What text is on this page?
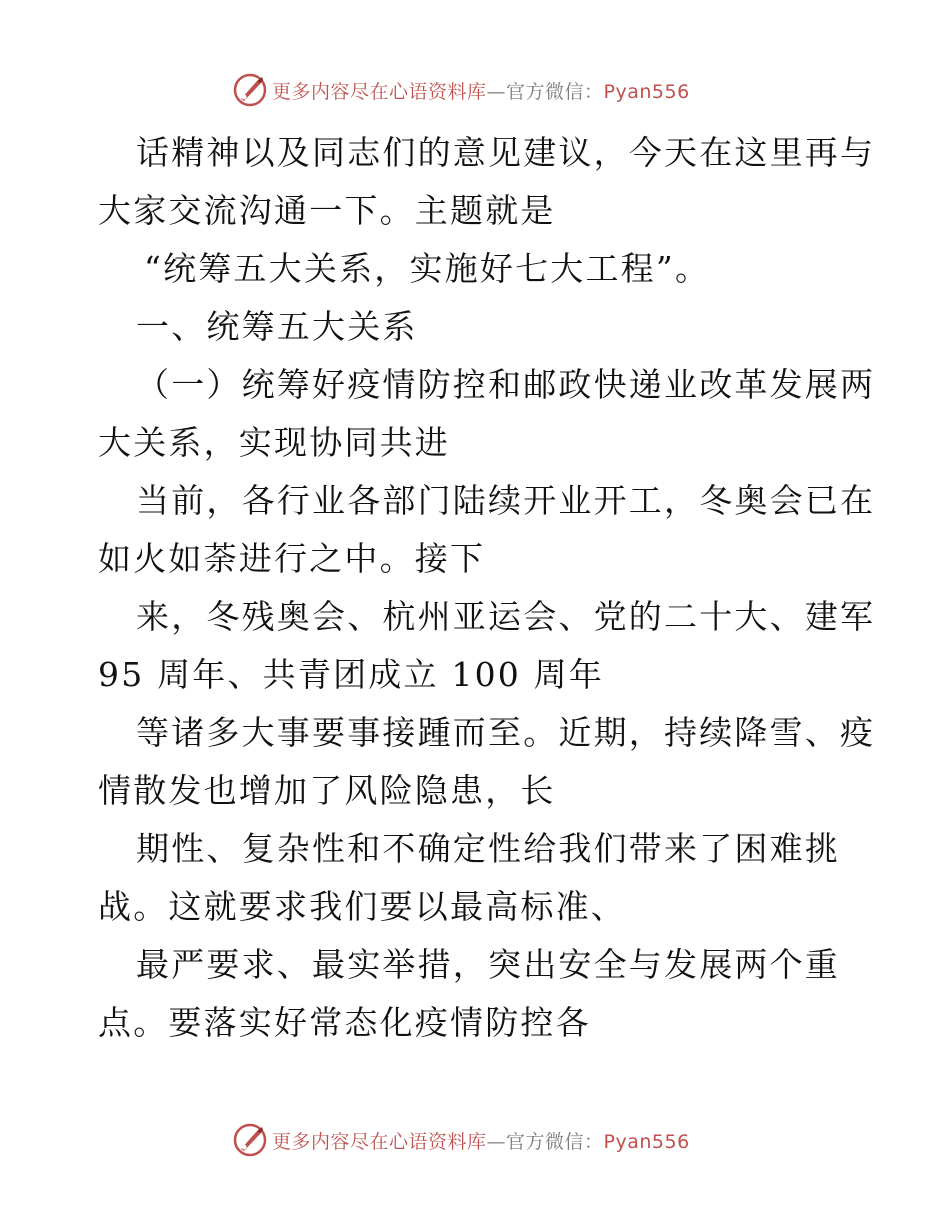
更多内容尽在心语资料库—官方微信：Pyan556
话精神以及同志们的意见建议，今天在这里再与
大家交流沟通一下。主题就是
“统筹五大关系，实施好七大工程”。
一、统筹五大关系
（一）统筹好疫情防控和邮政快递业改革发展两
大关系，实现协同共进
当前，各行业各部门陆续开业开工，冬奥会已在
如火如荼进行之中。接下
来，冬残奥会、杭州亚运会、党的二十大、建军
95 周年、共青团成立 100 周年
等诸多大事要事接踵而至。近期，持续降雪、疫
情散发也增加了风险隐患，长
期性、复杂性和不确定性给我们带来了困难挑
战。这就要求我们要以最高标准、
最严要求、最实举措，突出安全与发展两个重
点。要落实好常态化疫情防控各
更多内容尽在心语资料库—官方微信：Pyan556
